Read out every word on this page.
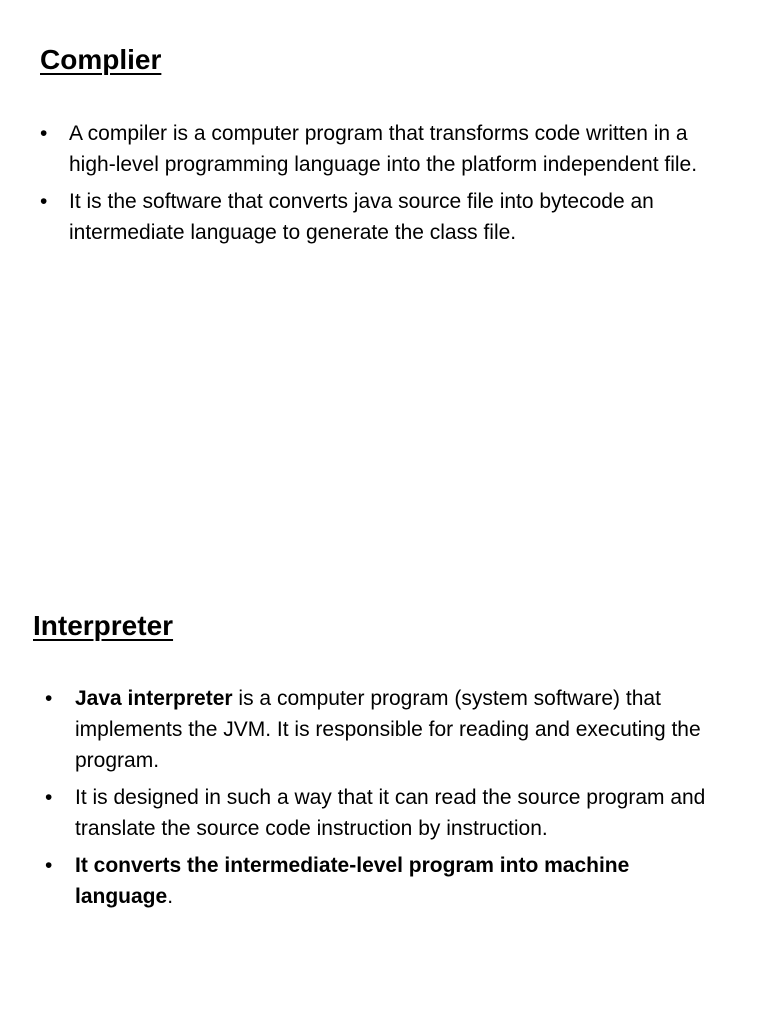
Complier
• A compiler is a computer program that transforms code written in a high-level programming language into the platform independent file.
• It is the software that converts java source file into bytecode an intermediate language to generate the class file.
Interpreter
• Java interpreter is a computer program (system software) that implements the JVM. It is responsible for reading and executing the program.
• It is designed in such a way that it can read the source program and translate the source code instruction by instruction.
• It converts the intermediate-level program into machine language.
